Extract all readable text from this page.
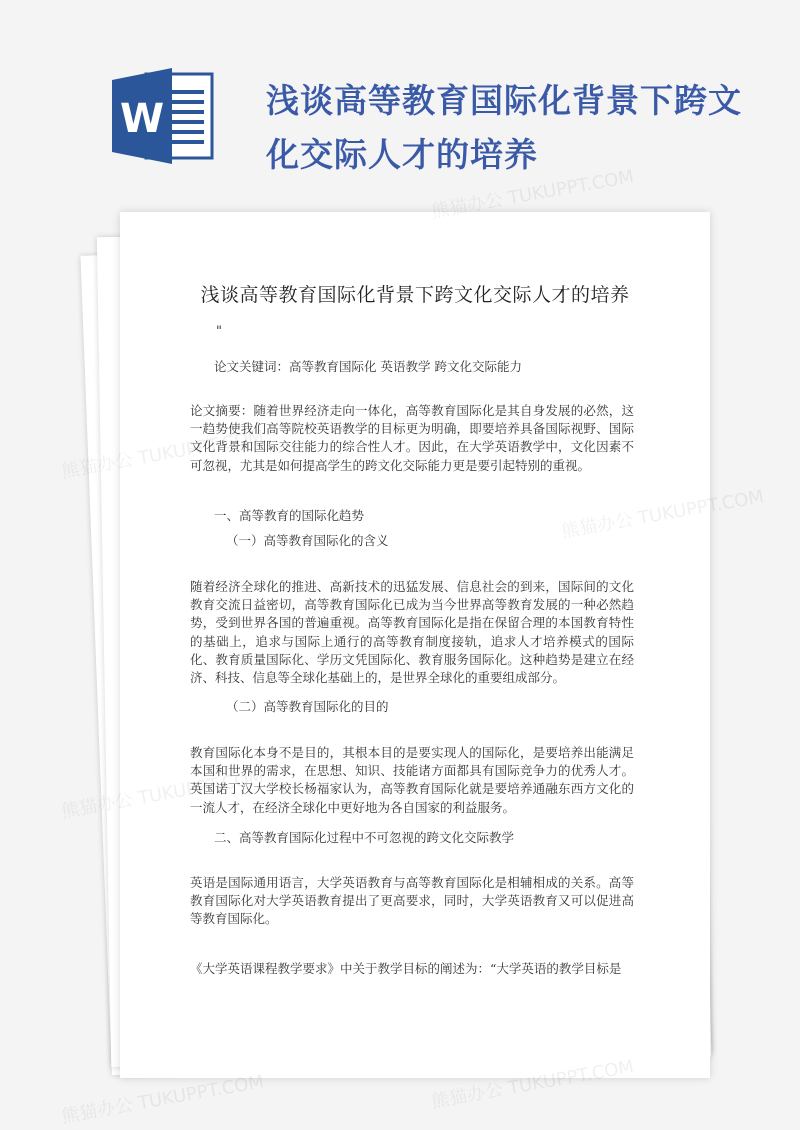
W	浅谈高等教育国际化背景下跨文化交际人才的培养
浅谈高等教育国际化背景下跨文化交际人才的培养
"

论文关键词：高等教育国际化 英语教学 跨文化交际能力

论文摘要：随着世界经济走向一体化，高等教育国际化是其自身发展的必然，这一趋势使我们高等院校英语教学的目标更为明确，即要培养具备国际视野、国际文化背景和国际交往能力的综合性人才。因此，在大学英语教学中，文化因素不可忽视，尤其是如何提高学生的跨文化交际能力更是要引起特别的重视。

一、高等教育的国际化趋势

（一）高等教育国际化的含义

随着经济全球化的推进、高新技术的迅猛发展、信息社会的到来，国际间的文化教育交流日益密切，高等教育国际化已成为当今世界高等教育发展的一种必然趋势，受到世界各国的普遍重视。高等教育国际化是指在保留合理的本国教育特性的基础上，追求与国际上通行的高等教育制度接轨，追求人才培养模式的国际化、教育质量国际化、学历文凭国际化、教育服务国际化。这种趋势是建立在经济、科技、信息等全球化基础上的，是世界全球化的重要组成部分。

（二）高等教育国际化的目的

教育国际化本身不是目的，其根本目的是要实现人的国际化，是要培养出能满足本国和世界的需求，在思想、知识、技能诸方面都具有国际竞争力的优秀人才。英国诺丁汉大学校长杨福家认为，高等教育国际化就是要培养通融东西方文化的一流人才，在经济全球化中更好地为各自国家的利益服务。

二、高等教育国际化过程中不可忽视的跨文化交际教学

英语是国际通用语言，大学英语教育与高等教育国际化是相辅相成的关系。高等教育国际化对大学英语教育提出了更高要求，同时，大学英语教育又可以促进高等教育国际化。

《大学英语课程教学要求》中关于教学目标的阐述为：“大学英语的教学目标是

熊猫办公 TUKUPPT.COM
熊猫办公
熊猫办公 TUKUPPT.COM
熊猫办公 TUKUPPT.COM
